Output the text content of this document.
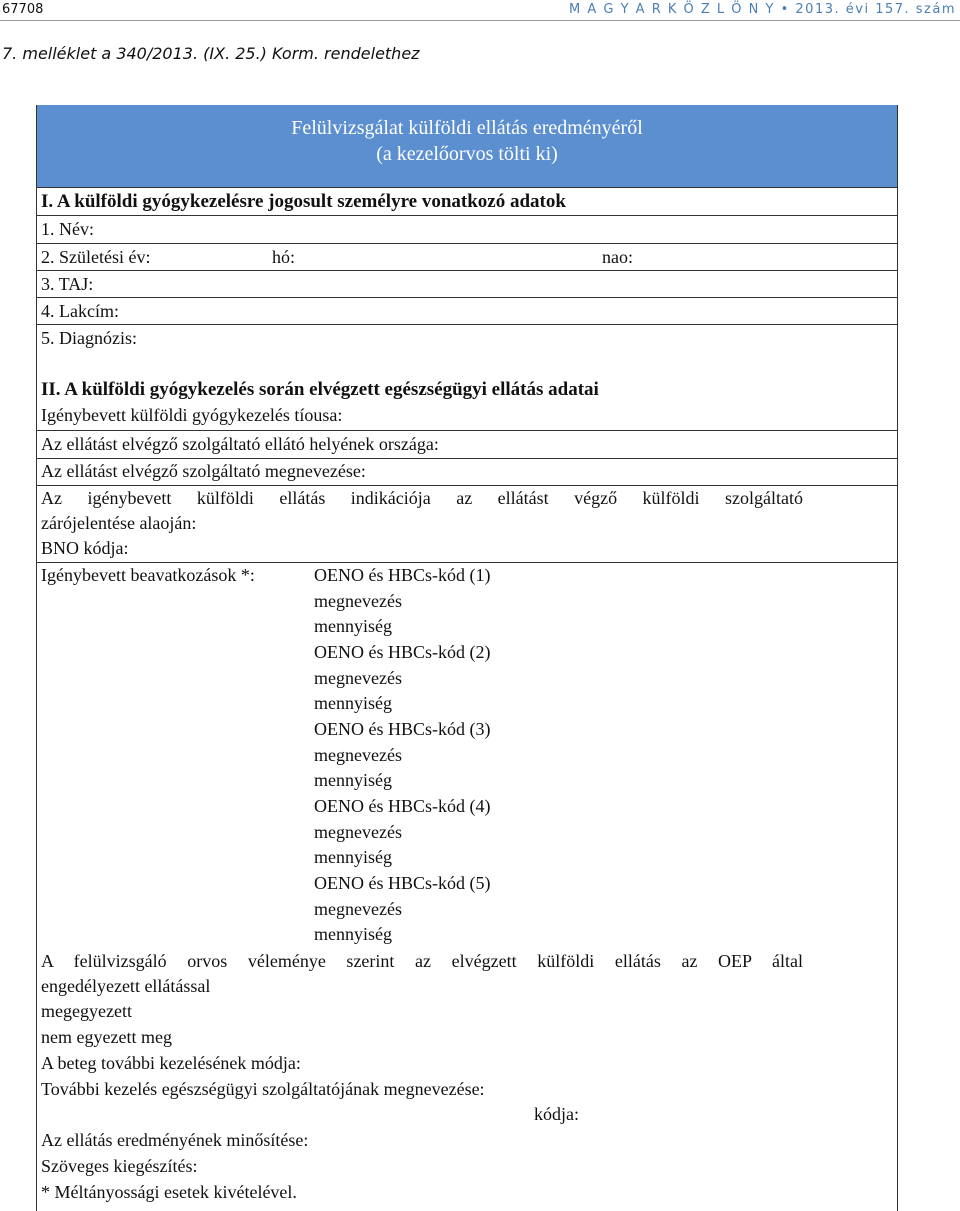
67708	M A G Y A R K Ö Z L Ö N Y • 2013. évi 157. szám
7. melléklet a 340/2013. (IX. 25.) Korm. rendelethez
Felülvizsgálat külföldi ellátás eredményéről
(a kezelőorvos tölti ki)
I. A külföldi gyógykezelésre jogosult személyre vonatkozó adatok
1. Név:
2. Születési év:	hó:	nao:
3. TAJ:
4. Lakcím:
5. Diagnózis:
II. A külföldi gyógykezelés során elvégzett egészségügyi ellátás adatai
Igénybevett külföldi gyógykezelés tíousa:
Az ellátást elvégző szolgáltató ellátó helyének országa:
Az ellátást elvégző szolgáltató megnevezése:
Az igénybevett külföldi ellátás indikációja az ellátást végző külföldi szolgáltató
zárójelentése alaoján:
BNO kódja:
Igénybevett beavatkozások *:	OENO és HBCs-kód (1)
megnevezés
mennyiség
OENO és HBCs-kód (2)
megnevezés
mennyiség
OENO és HBCs-kód (3)
megnevezés
mennyiség
OENO és HBCs-kód (4)
megnevezés
mennyiség
OENO és HBCs-kód (5)
megnevezés
mennyiség
A felülvizsgáló orvos véleménye szerint az elvégzett külföldi ellátás az OEP által
engedélyezett ellátással
megegyezett
nem egyezett meg
A beteg további kezelésének módja:
További kezelés egészségügyi szolgáltatójának megnevezése:
kódja:
Az ellátás eredményének minősítése:
Szöveges kiegészítés:
* Méltányossági esetek kivételével.
